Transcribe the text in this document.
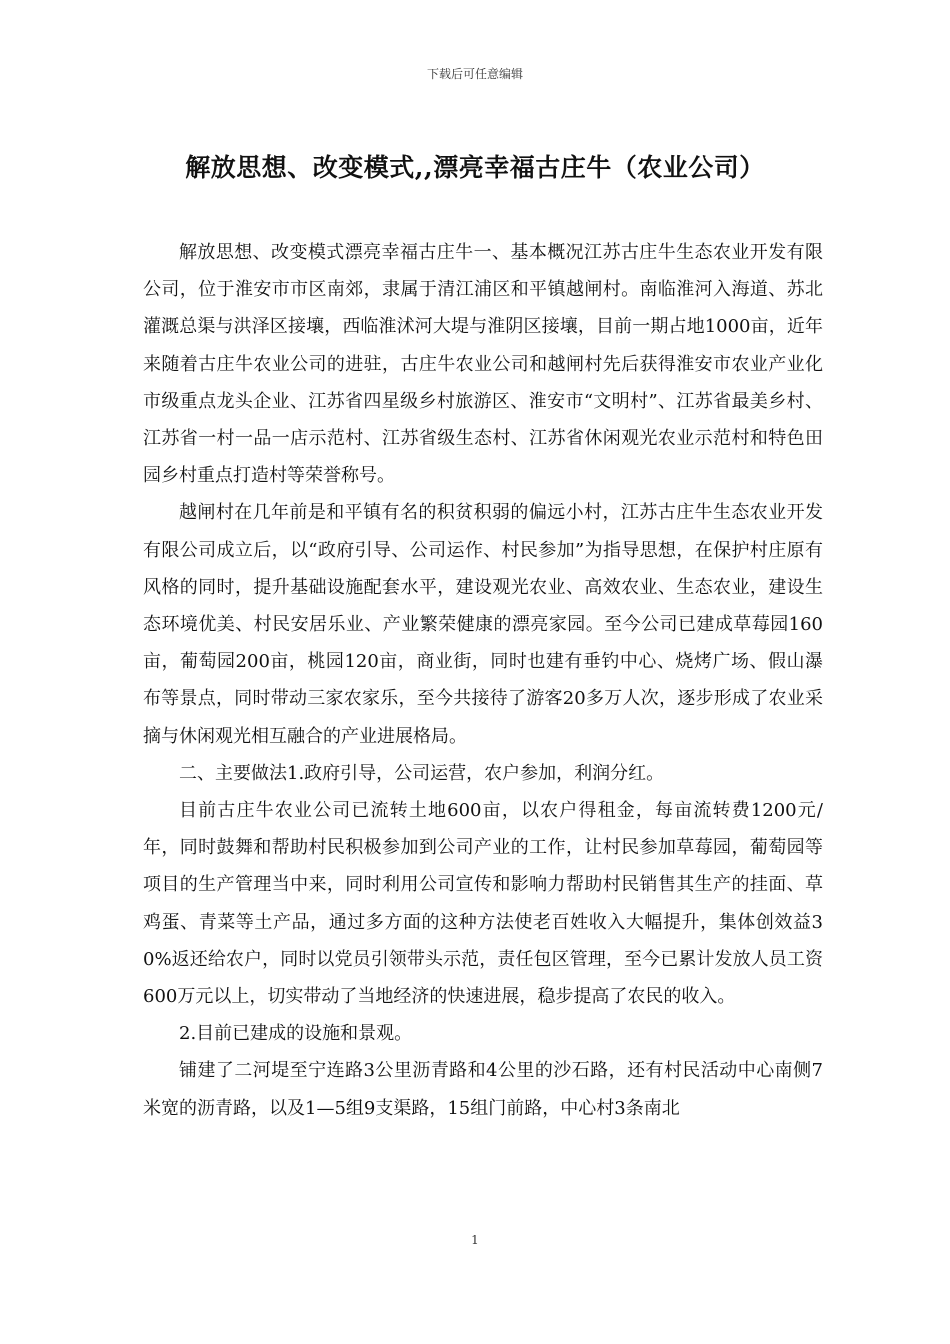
下载后可任意编辑
解放思想、改变模式,,漂亮幸福古庄牛（农业公司）

解放思想、改变模式漂亮幸福古庄牛一、基本概况江苏古庄牛生态农业开发有限公司，位于淮安市市区南郊，隶属于清江浦区和平镇越闸村。南临淮河入海道、苏北灌溉总渠与洪泽区接壤，西临淮沭河大堤与淮阴区接壤，目前一期占地1000亩，近年来随着古庄牛农业公司的进驻，古庄牛农业公司和越闸村先后获得淮安市农业产业化市级重点龙头企业、江苏省四星级乡村旅游区、淮安市“文明村”、江苏省最美乡村、江苏省一村一品一店示范村、江苏省级生态村、江苏省休闲观光农业示范村和特色田园乡村重点打造村等荣誉称号。

越闸村在几年前是和平镇有名的积贫积弱的偏远小村，江苏古庄牛生态农业开发有限公司成立后，以“政府引导、公司运作、村民参加”为指导思想，在保护村庄原有风格的同时，提升基础设施配套水平，建设观光农业、高效农业、生态农业，建设生态环境优美、村民安居乐业、产业繁荣健康的漂亮家园。至今公司已建成草莓园160亩，葡萄园200亩，桃园120亩，商业街，同时也建有垂钓中心、烧烤广场、假山瀑布等景点，同时带动三家农家乐，至今共接待了游客20多万人次，逐步形成了农业采摘与休闲观光相互融合的产业进展格局。

二、主要做法1.政府引导，公司运营，农户参加，利润分红。

目前古庄牛农业公司已流转土地600亩，以农户得租金，每亩流转费1200元/年，同时鼓舞和帮助村民积极参加到公司产业的工作，让村民参加草莓园，葡萄园等项目的生产管理当中来，同时利用公司宣传和影响力帮助村民销售其生产的挂面、草鸡蛋、青菜等土产品，通过多方面的这种方法使老百姓收入大幅提升，集体创效益30%返还给农户，同时以党员引领带头示范，责任包区管理，至今已累计发放人员工资600万元以上，切实带动了当地经济的快速进展，稳步提高了农民的收入。

2.目前已建成的设施和景观。

铺建了二河堤至宁连路3公里沥青路和4公里的沙石路，还有村民活动中心南侧7米宽的沥青路，以及1—5组9支渠路，15组门前路，中心村3条南北

1
